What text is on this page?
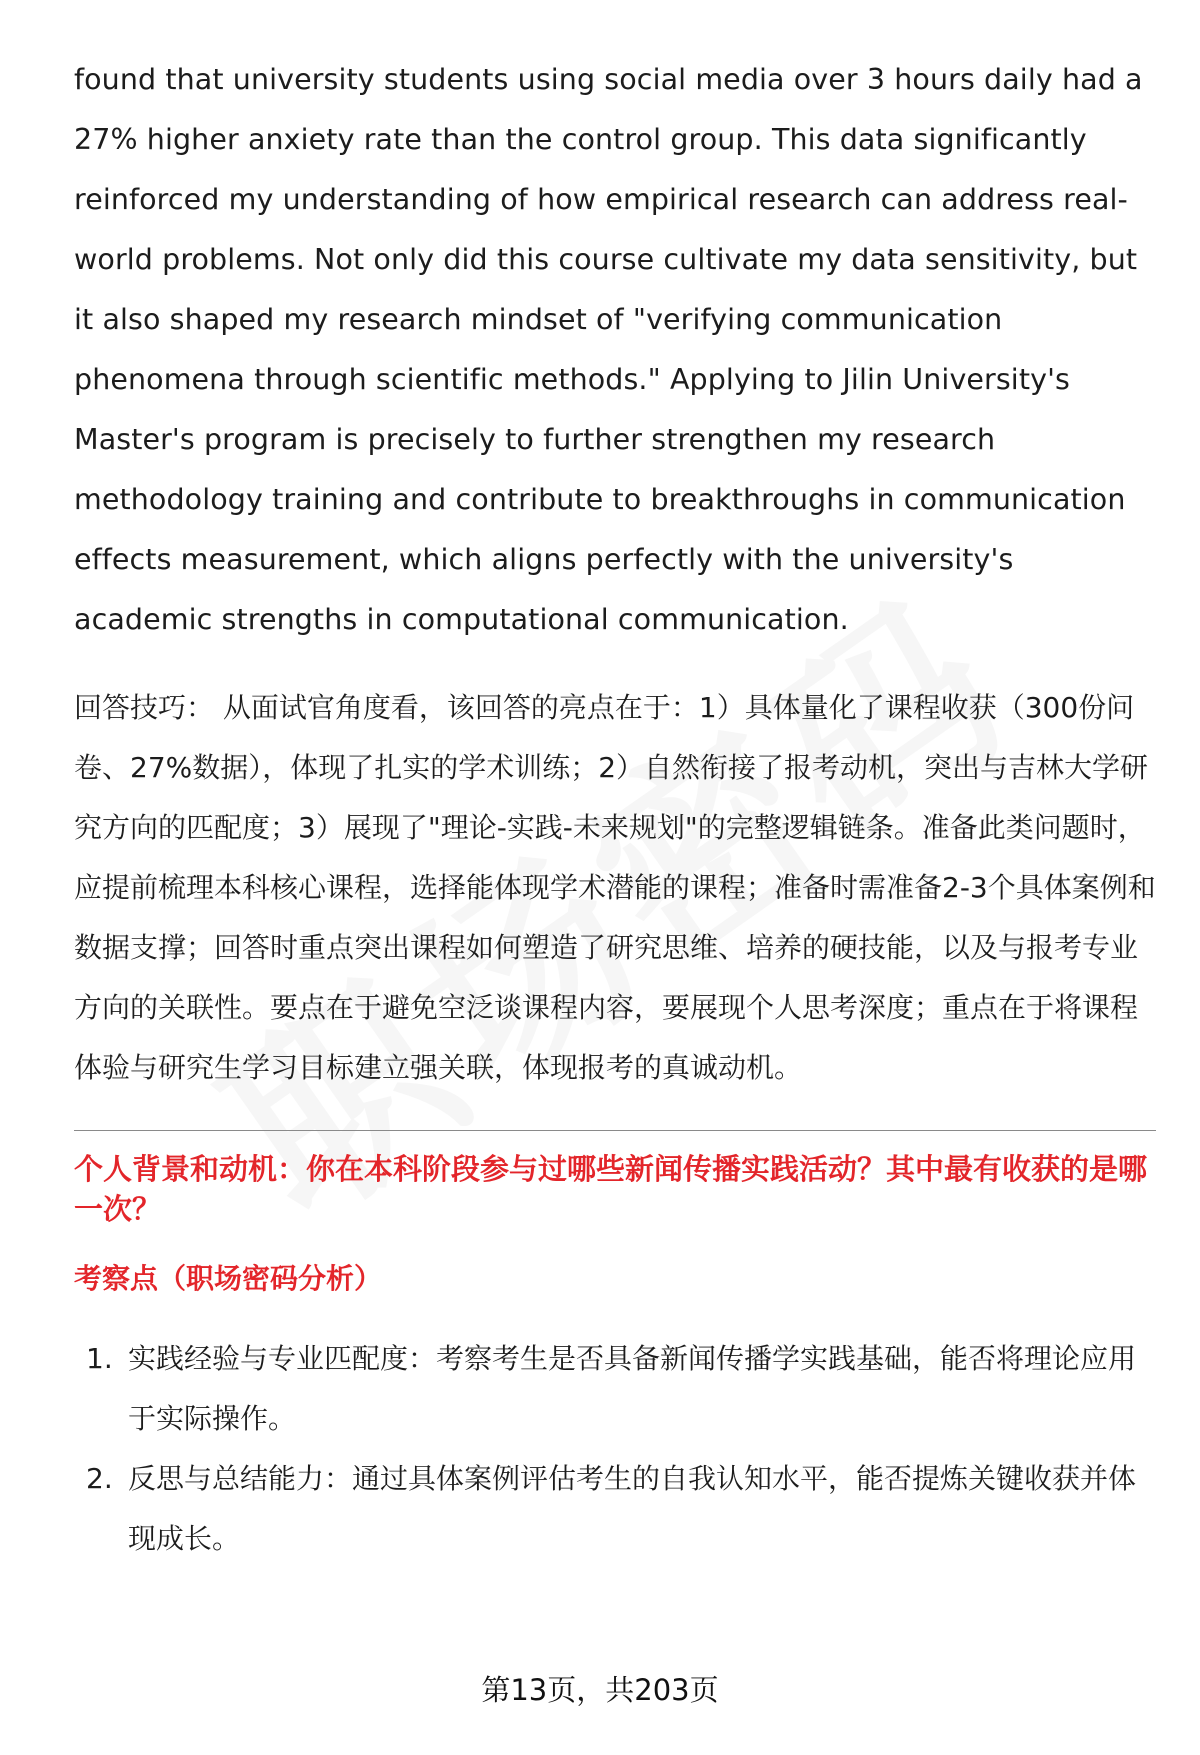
found that university students using social media over 3 hours daily had a 27% higher anxiety rate than the control group. This data significantly reinforced my understanding of how empirical research can address real-world problems. Not only did this course cultivate my data sensitivity, but it also shaped my research mindset of "verifying communication phenomena through scientific methods." Applying to Jilin University's Master's program is precisely to further strengthen my research methodology training and contribute to breakthroughs in communication effects measurement, which aligns perfectly with the university's academic strengths in computational communication.

回答技巧： 从面试官角度看，该回答的亮点在于：1）具体量化了课程收获（300份问卷、27%数据），体现了扎实的学术训练；2）自然衔接了报考动机，突出与吉林大学研究方向的匹配度；3）展现了"理论-实践-未来规划"的完整逻辑链条。准备此类问题时，应提前梳理本科核心课程，选择能体现学术潜能的课程；准备时需准备2-3个具体案例和数据支撑；回答时重点突出课程如何塑造了研究思维、培养的硬技能，以及与报考专业方向的关联性。要点在于避免空泛谈课程内容，要展现个人思考深度；重点在于将课程体验与研究生学习目标建立强关联，体现报考的真诚动机。

个人背景和动机：你在本科阶段参与过哪些新闻传播实践活动？其中最有收获的是哪一次？
考察点（职场密码分析）
1. 实践经验与专业匹配度：考察考生是否具备新闻传播学实践基础，能否将理论应用于实际操作。
2. 反思与总结能力：通过具体案例评估考生的自我认知水平，能否提炼关键收获并体现成长。
第13页，共203页
